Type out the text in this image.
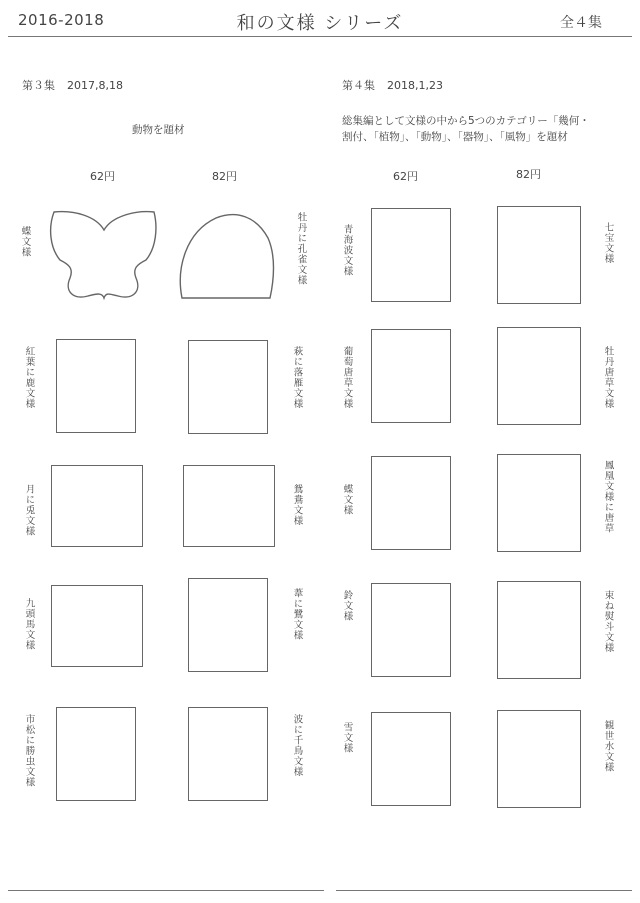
2016-2018	和の文様 シリーズ	全４集
第３集 2017,8,18
動物を題材
62円	82円
蝶文様	牡丹に孔雀文様
紅葉に鹿文様	萩に落雁文様
月に兎文様	鴛鴦文様
九頭馬文様	葦に鷺文様
市松に勝虫文様	波に千鳥文様
第４集 2018,1,23
総集編として文様の中から5つのカテゴリー「幾何・
割付、「植物」、「動物」、「器物」、「風物」を題材
62円	82円
青海波文様	七宝文様
葡萄唐草文様	牡丹唐草文様
蝶文様	鳳凰文様に唐草
鈴文様	束ね熨斗文様
雪文様	観世水文様
